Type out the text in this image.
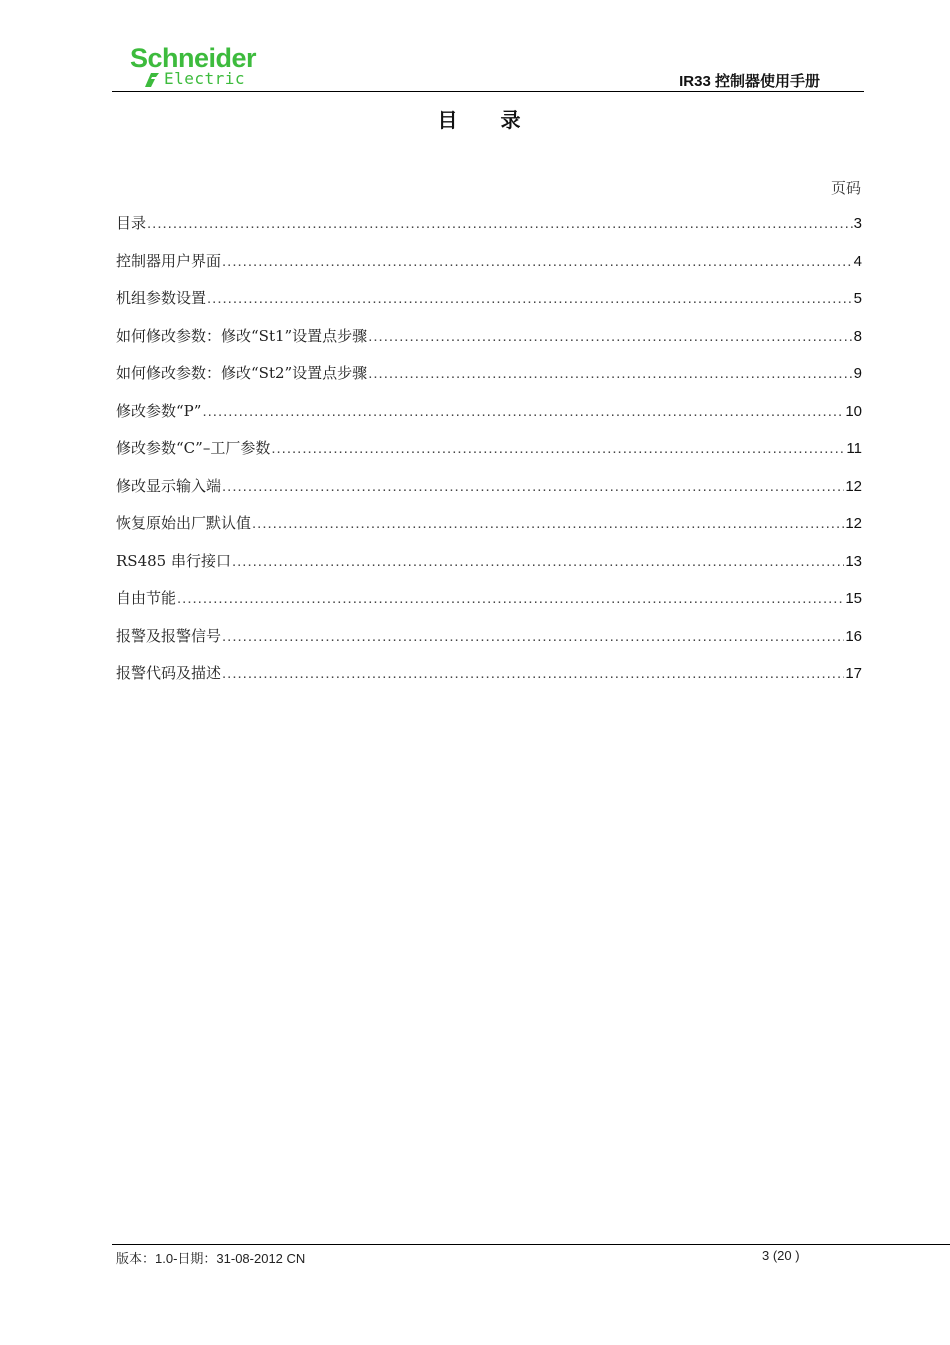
Schneider
Electric	IR33 控制器使用手册
目 录
页码
目录 .....	3
控制器用户界面 .....	4
机组参数设置 .....	5
如何修改参数：修改“St1”设置点步骤 .....	8
如何修改参数：修改“St2”设置点步骤 .....	9
修改参数“P” .....	10
修改参数“C”–工厂参数 .....	11
修改显示输入端 .....	12
恢复原始出厂默认值 .....	12
RS485 串行接口 .....	13
自由节能 .....	15
报警及报警信号 .....	16
报警代码及描述 .....	17
版本：1.0-日期：31-08-2012 CN	3 (20 )
